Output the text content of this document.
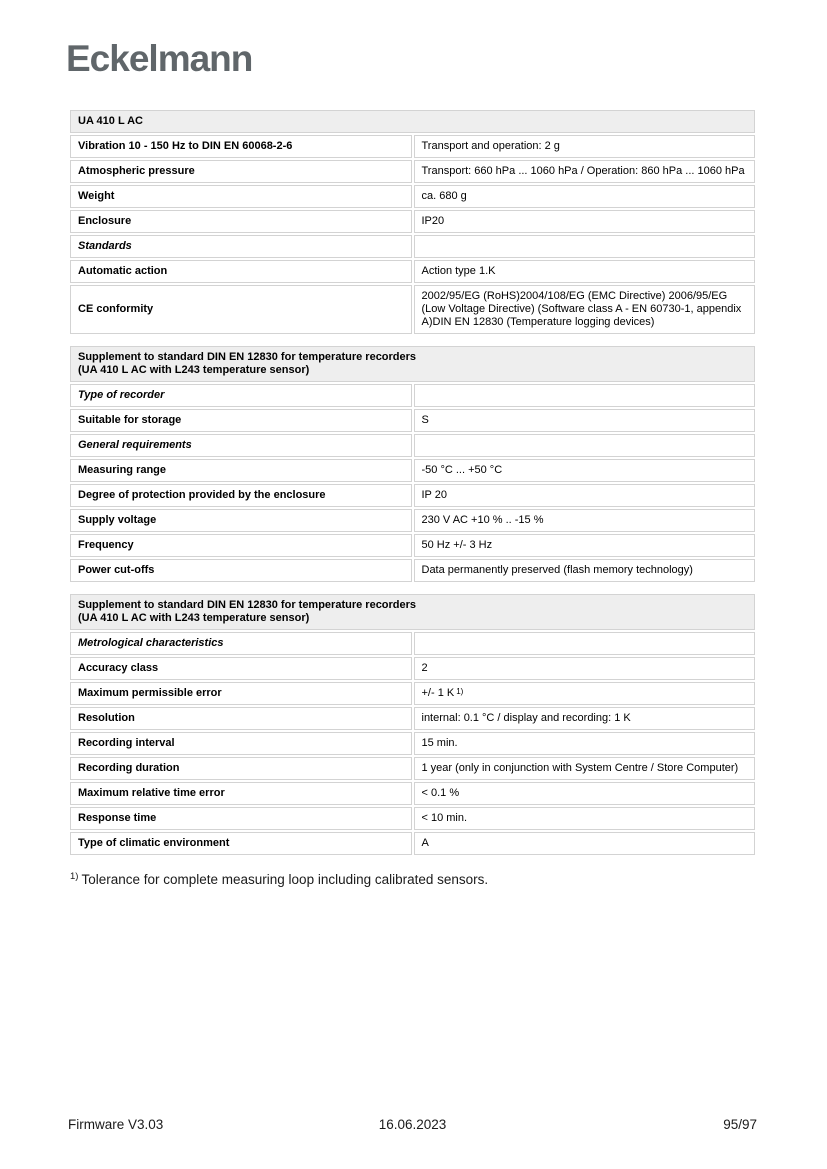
Eckelmann
UA 410 L AC	
Vibration 10 - 150 Hz to DIN EN 60068-2-6	Transport and operation: 2 g
Atmospheric pressure	Transport: 660 hPa ... 1060 hPa / Operation: 860 hPa ... 1060 hPa
Weight	ca. 680 g
Enclosure	IP20
Standards	
Automatic action	Action type 1.K
CE conformity	2002/95/EG (RoHS)2004/108/EG (EMC Directive) 2006/95/EG (Low Voltage Directive) (Software class A - EN 60730-1, appendix A)DIN EN 12830 (Temperature logging devices)
Supplement to standard DIN EN 12830 for temperature recorders
(UA 410 L AC with L243 temperature sensor)	

Type of recorder	
Suitable for storage	S
General requirements	
Measuring range	-50 °C ... +50 °C
Degree of protection provided by the enclosure	IP 20
Supply voltage	230 V AC +10 % .. -15 %
Frequency	50 Hz +/- 3 Hz
Power cut-offs	Data permanently preserved (flash memory technology)
Supplement to standard DIN EN 12830 for temperature recorders
(UA 410 L AC with L243 temperature sensor)	

Metrological characteristics	
Accuracy class	2
Maximum permissible error	+/- 1 K $^{1)}$
Resolution	internal: 0.1 °C / display and recording: 1 K
Recording interval	15 min.
Recording duration	1 year (only in conjunction with System Centre / Store Computer)
Maximum relative time error	< 0.1 %
Response time	< 10 min.
Type of climatic environment	A
$^{1)}$ Tolerance for complete measuring loop including calibrated sensors.
Firmware V3.03	16.06.2023	95/97
